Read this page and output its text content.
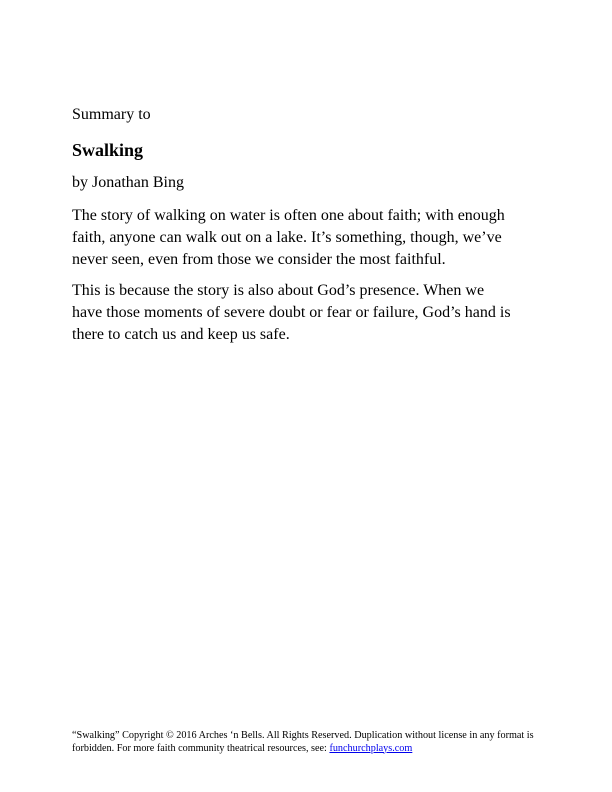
Summary to

Swalking

by Jonathan Bing

The story of walking on water is often one about faith; with enough
faith, anyone can walk out on a lake. It’s something, though, we’ve
never seen, even from those we consider the most faithful.

This is because the story is also about God’s presence. When we
have those moments of severe doubt or fear or failure, God’s hand is
there to catch us and keep us safe.

“Swalking” Copyright © 2016 Arches ‘n Bells. All Rights Reserved. Duplication without license in any format is forbidden. For more faith community theatrical resources, see: funchurchplays.com
